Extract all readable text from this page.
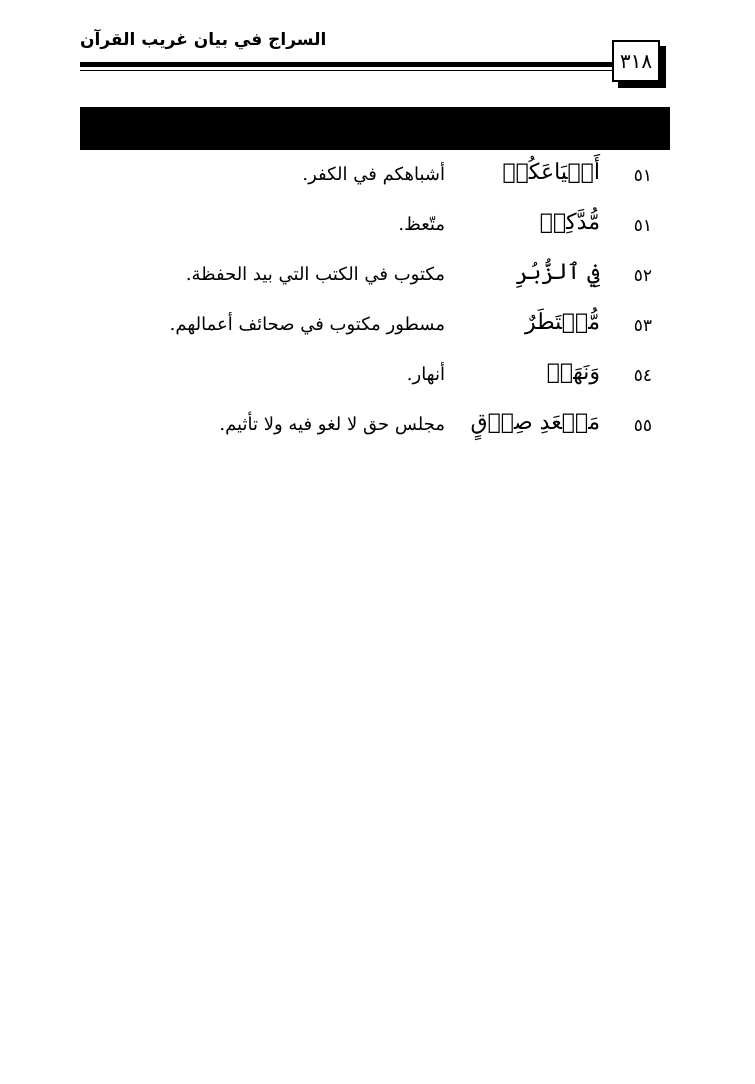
السراج في بيان غريب القرآن
٣١٨
٥١
أَشۡيَاعَكُمۡ
أشباهكم في الكفر.
٥١
مُّدَّكِرٖ
متّعظ.
٥٢
فِي ٱلزُّبُرِ
مكتوب في الكتب التي بيد الحفظة.
٥٣
مُّسۡتَطَرٌ
مسطور مكتوب في صحائف أعمالهم.
٥٤
وَنَهَرٖ
أنهار.
٥٥
مَقۡعَدِ صِدۡقٍ
مجلس حق لا لغو فيه ولا تأثيم.
